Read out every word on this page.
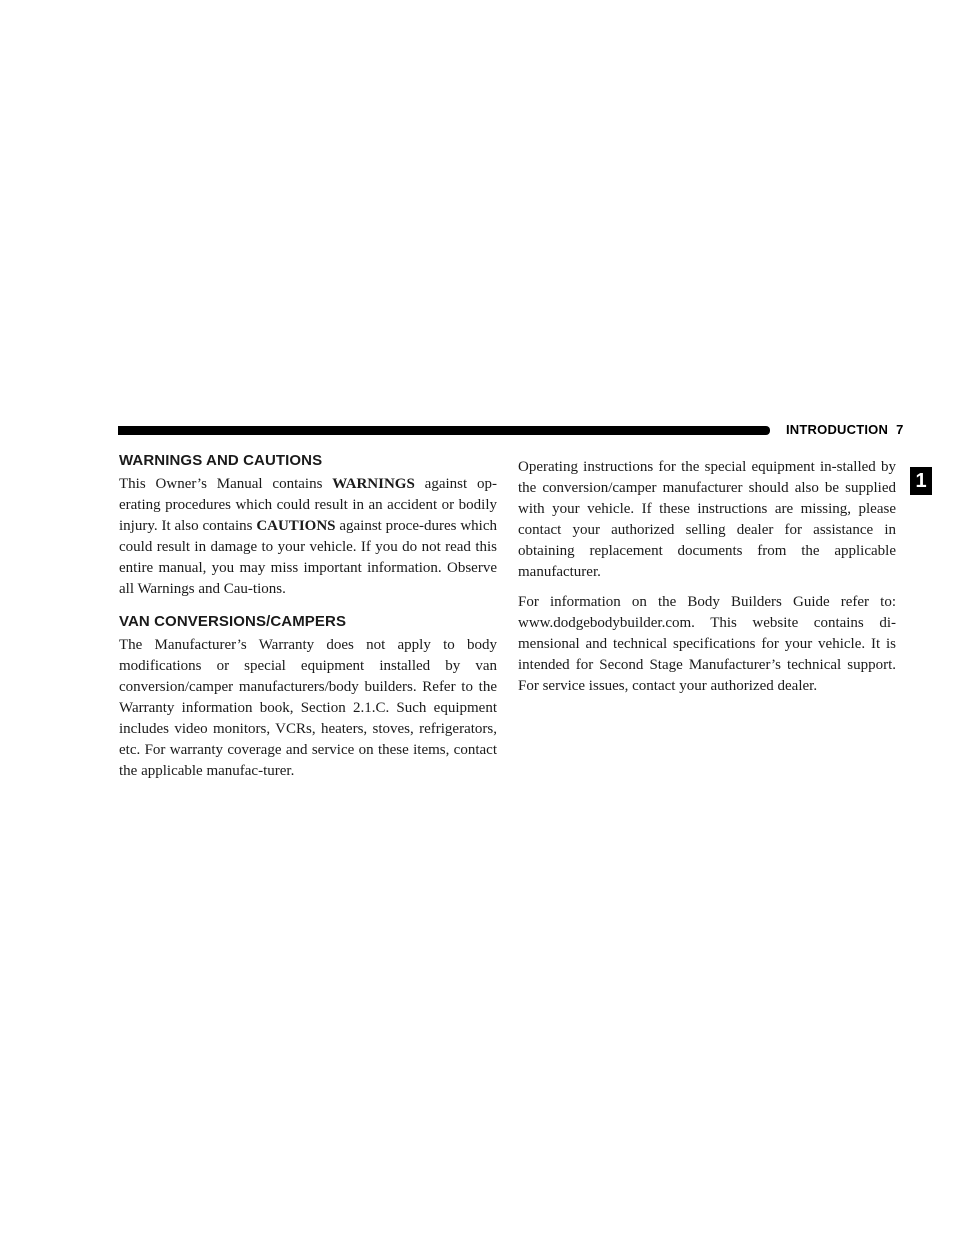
INTRODUCTION 7
1
WARNINGS AND CAUTIONS

This Owner’s Manual contains WARNINGS against op-erating procedures which could result in an accident or bodily injury. It also contains CAUTIONS against proce-dures which could result in damage to your vehicle. If you do not read this entire manual, you may miss important information. Observe all Warnings and Cau-tions.

VAN CONVERSIONS/CAMPERS

The Manufacturer’s Warranty does not apply to body modifications or special equipment installed by van conversion/camper manufacturers/body builders. Refer to the Warranty information book, Section 2.1.C. Such equipment includes video monitors, VCRs, heaters, stoves, refrigerators, etc. For warranty coverage and service on these items, contact the applicable manufac-turer.

Operating instructions for the special equipment in-stalled by the conversion/camper manufacturer should also be supplied with your vehicle. If these instructions are missing, please contact your authorized selling dealer for assistance in obtaining replacement documents from the applicable manufacturer.

For information on the Body Builders Guide refer to: www.dodgebodybuilder.com. This website contains di-mensional and technical specifications for your vehicle. It is intended for Second Stage Manufacturer’s technical support. For service issues, contact your authorized dealer.
